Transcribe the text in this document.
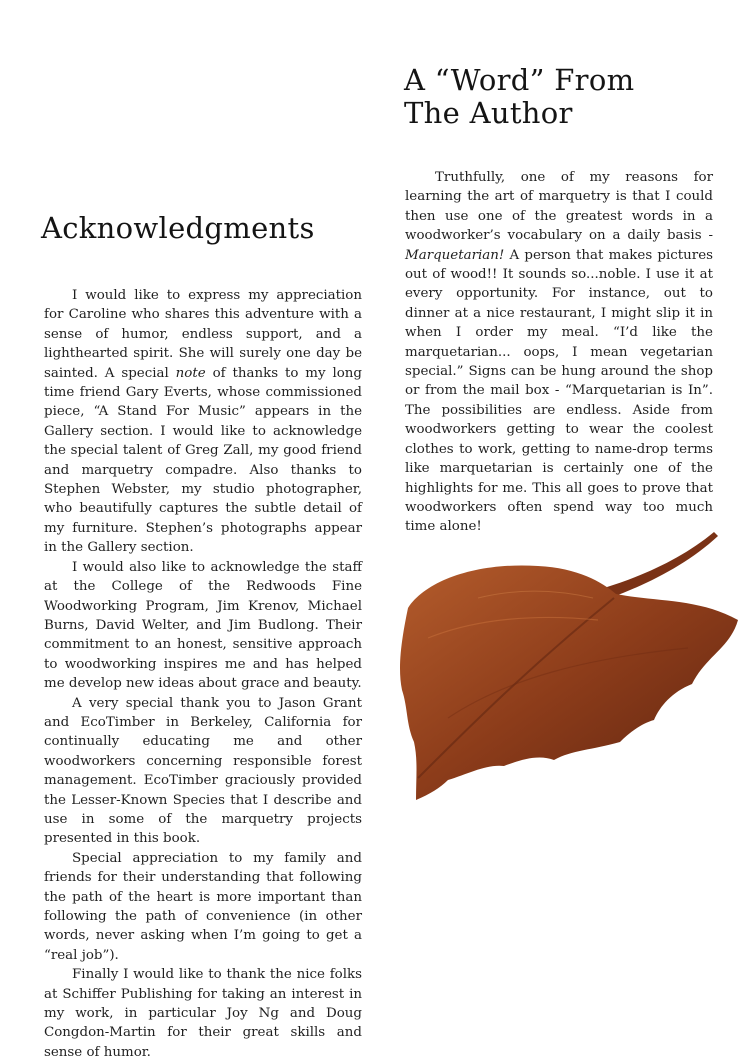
A “Word” From
The Author

Truthfully, one of my reasons for learning the art of marquetry is that I could then use one of the greatest words in a woodworker’s vocabulary on a daily basis - Marquetarian! A person that makes pictures out of wood!! It sounds so...noble. I use it at every opportunity. For instance, out to dinner at a nice restaurant, I might slip it in when I order my meal. “I’d like the marquetarian... oops, I mean vegetarian special.” Signs can be hung around the shop or from the mail box - “Marquetarian is In”. The possibilities are endless. Aside from woodworkers getting to wear the coolest clothes to work, getting to name-drop terms like marquetarian is certainly one of the highlights for me. This all goes to prove that woodworkers often spend way too much time alone!

Acknowledgments

I would like to express my appreciation for Caroline who shares this adventure with a sense of humor, endless support, and a lighthearted spirit. She will surely one day be sainted. A special note of thanks to my long time friend Gary Everts, whose commissioned piece, “A Stand For Music” appears in the Gallery section. I would like to acknowledge the special talent of Greg Zall, my good friend and marquetry compadre. Also thanks to Stephen Webster, my studio photographer, who beautifully captures the subtle detail of my furniture. Stephen’s photographs appear in the Gallery section.

I would also like to acknowledge the staff at the College of the Redwoods Fine Woodworking Program, Jim Krenov, Michael Burns, David Welter, and Jim Budlong. Their commitment to an honest, sensitive approach to woodworking inspires me and has helped me develop new ideas about grace and beauty.

A very special thank you to Jason Grant and EcoTimber in Berkeley, California for continually educating me and other woodworkers concerning responsible forest management. EcoTimber graciously provided the Lesser-Known Species that I describe and use in some of the marquetry projects presented in this book.

Special appreciation to my family and friends for their understanding that following the path of the heart is more important than following the path of convenience (in other words, never asking when I’m going to get a “real job”).

Finally I would like to thank the nice folks at Schiffer Publishing for taking an interest in my work, in particular Joy Ng and Doug Congdon-Martin for their great skills and sense of humor.
